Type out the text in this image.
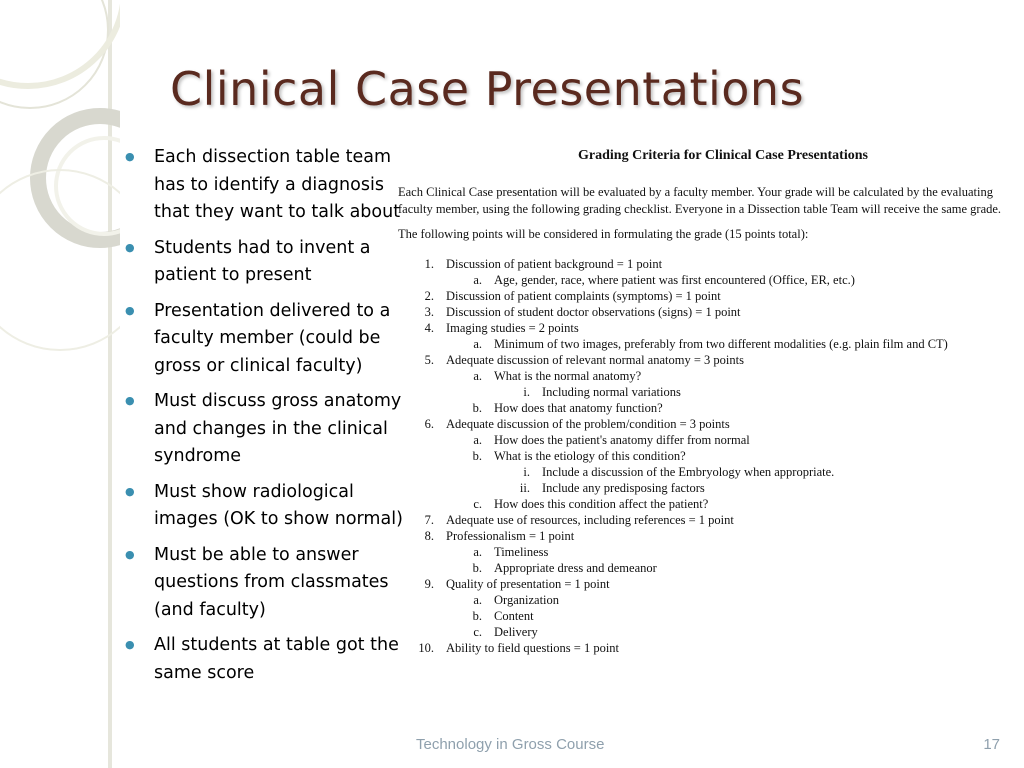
Clinical Case Presentations
● Each dissection table team has to identify a diagnosis that they want to talk about
● Students had to invent a patient to present
● Presentation delivered to a faculty member (could be gross or clinical faculty)
● Must discuss gross anatomy and changes in the clinical syndrome
● Must show radiological images (OK to show normal)
● Must be able to answer questions from classmates (and faculty)
● All students at table got the same score
Grading Criteria for Clinical Case Presentations

Each Clinical Case presentation will be evaluated by a faculty member. Your grade will be calculated by the evaluating faculty member, using the following grading checklist. Everyone in a Dissection table Team will receive the same grade.

The following points will be considered in formulating the grade (15 points total):

1. Discussion of patient background = 1 point
a. Age, gender, race, where patient was first encountered (Office, ER, etc.)
2. Discussion of patient complaints (symptoms) = 1 point
3. Discussion of student doctor observations (signs) = 1 point
4. Imaging studies = 2 points
a. Minimum of two images, preferably from two different modalities (e.g. plain film and CT)
5. Adequate discussion of relevant normal anatomy = 3 points
a. What is the normal anatomy?
i. Including normal variations
b. How does that anatomy function?
6. Adequate discussion of the problem/condition = 3 points
a. How does the patient's anatomy differ from normal
b. What is the etiology of this condition?
i. Include a discussion of the Embryology when appropriate.
ii. Include any predisposing factors
c. How does this condition affect the patient?
7. Adequate use of resources, including references = 1 point
8. Professionalism = 1 point
a. Timeliness
b. Appropriate dress and demeanor
9. Quality of presentation = 1 point
a. Organization
b. Content
c. Delivery
10. Ability to field questions = 1 point
Technology in Gross Course	17
